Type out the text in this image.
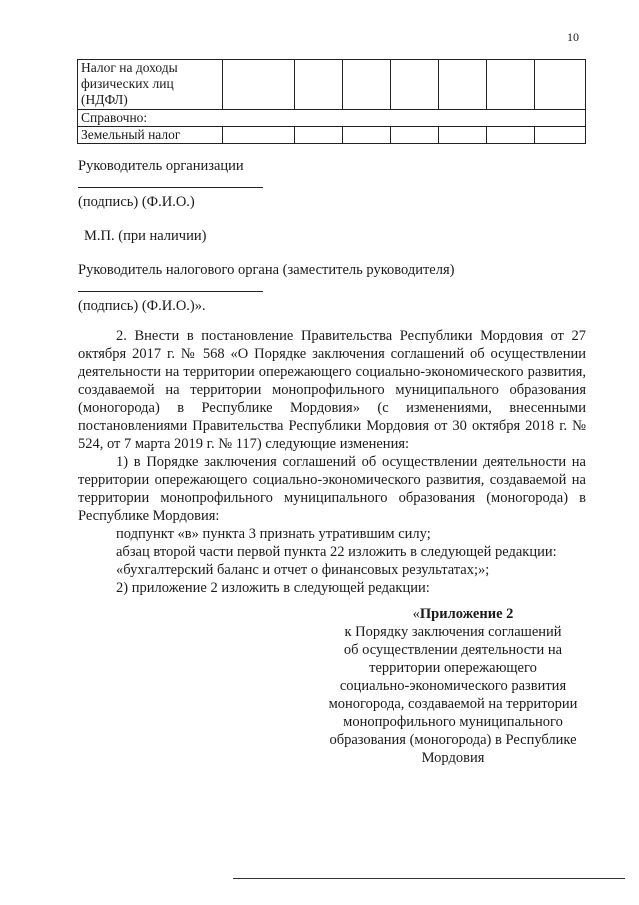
10
Налог на доходы физических лиц (НДФЛ)							
Справочно:							
Земельный налог							
Руководитель организации
(подпись) (Ф.И.О.)
М.П. (при наличии)
Руководитель налогового органа (заместитель руководителя)
(подпись) (Ф.И.О.)».
2. Внести в постановление Правительства Республики Мордовия от 27 октября 2017 г. № 568 «О Порядке заключения соглашений об осуществлении деятельности на территории опережающего социально-экономического развития, создаваемой на территории монопрофильного муниципального образования (моногорода) в Республике Мордовия» (с изменениями, внесенными постановлениями Правительства Республики Мордовия от 30 октября 2018 г. № 524, от 7 марта 2019 г. № 117) следующие изменения:
1) в Порядке заключения соглашений об осуществлении деятельности на территории опережающего социально-экономического развития, создаваемой на территории монопрофильного муниципального образования (моногорода) в Республике Мордовия:
подпункт «в» пункта 3 признать утратившим силу;
абзац второй части первой пункта 22 изложить в следующей редакции:
«бухгалтерский баланс и отчет о финансовых результатах;»;
2) приложение 2 изложить в следующей редакции:
«Приложение 2
к Порядку заключения соглашений
об осуществлении деятельности на
территории опережающего
социально-экономического развития
моногорода, создаваемой на территории
монопрофильного муниципального
образования (моногорода) в Республике
Мордовия
